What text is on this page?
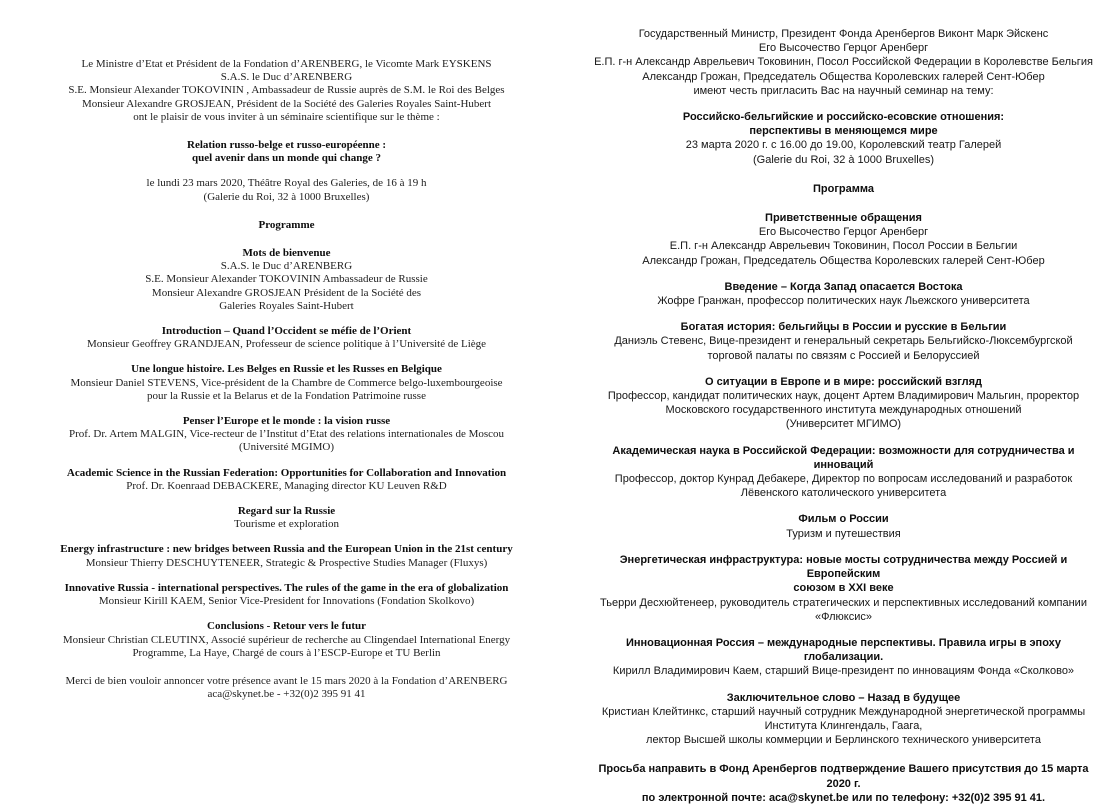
Le Ministre d’Etat et Président de la Fondation d’ARENBERG, le Vicomte Mark EYSKENS
S.A.S. le Duc d’ARENBERG
S.E. Monsieur Alexander TOKOVININ , Ambassadeur de Russie auprès de S.M. le Roi des Belges
Monsieur Alexandre GROSJEAN, Président de la Société des Galeries Royales Saint-Hubert
ont le plaisir de vous inviter à un séminaire scientifique sur le thème :
Relation russo-belge et russo-européenne :
quel avenir dans un monde qui change ?
le lundi 23 mars 2020, Théâtre Royal des Galeries, de 16 à 19 h
(Galerie du Roi, 32 à 1000 Bruxelles)
Programme
Mots de bienvenue
S.A.S. le Duc d’ARENBERG
S.E. Monsieur Alexander TOKOVININ Ambassadeur de Russie
Monsieur Alexandre GROSJEAN Président de la Société des
Galeries Royales Saint-Hubert
Introduction – Quand l’Occident se méfie de l’Orient
Monsieur Geoffrey GRANDJEAN, Professeur de science politique à l’Université de Liège
Une longue histoire. Les Belges en Russie et les Russes en Belgique
Monsieur Daniel STEVENS, Vice-président de la Chambre de Commerce belgo-luxembourgeoise
pour la Russie et la Belarus et de la Fondation Patrimoine russe
Penser l’Europe et le monde : la vision russe
Prof. Dr. Artem MALGIN, Vice-recteur de l’Institut d’Etat des relations internationales de Moscou
(Université MGIMO)
Academic Science in the Russian Federation: Opportunities for Collaboration and Innovation
Prof. Dr. Koenraad DEBACKERE, Managing director KU Leuven R&D
Regard sur la Russie
Tourisme et exploration
Energy infrastructure : new bridges between Russia and the European Union in the 21st century
Monsieur Thierry DESCHUYTENEER, Strategic & Prospective Studies Manager (Fluxys)
Innovative Russia - international perspectives. The rules of the game in the era of globalization
Monsieur Kirill KAEM, Senior Vice-President for Innovations (Fondation Skolkovo)
Conclusions - Retour vers le futur
Monsieur Christian CLEUTINX, Associé supérieur de recherche au Clingendael International Energy
Programme, La Haye, Chargé de cours à l’ESCP-Europe et TU Berlin
Merci de bien vouloir annoncer votre présence avant le 15 mars 2020 à la Fondation d’ARENBERG
aca@skynet.be - +32(0)2 395 91 41
Государственный Министр, Президент Фонда Аренбергов Виконт Марк Эйскенс
Его Высочество Герцог Аренберг
Е.П. г-н Александр Аврельевич Токовинин, Посол Российской Федерации в Королевстве Бельгия
Александр Грожан, Председатель Общества Королевских галерей Сент-Юбер
имеют честь пригласить Вас на научный семинар на тему:
Российско-бельгийские и российско-есовские отношения:
перспективы в меняющемся мире
23 марта 2020 г. с 16.00 до 19.00, Королевский театр Галерей
(Galerie du Roi, 32 à 1000 Bruxelles)
Программа
Приветственные обращения
Его Высочество Герцог Аренберг
Е.П. г-н Александр Аврельевич Токовинин, Посол России в Бельгии
Александр Грожан, Председатель Общества Королевских галерей Сент-Юбер
Введение – Когда Запад опасается Востока
Жофре Гранжан, профессор политических наук Льежского университета
Богатая история: бельгийцы в России и русские в Бельгии
Даниэль Стевенс, Вице-президент и генеральный секретарь Бельгийско-Люксембургской
торговой палаты по связям с Россией и Белоруссией
О ситуации в Европе и в мире: российский взгляд
Профессор, кандидат политических наук, доцент Артем Владимирович Мальгин, проректор
Московского государственного института международных отношений
(Университет МГИМО)
Академическая наука в Российской Федерации: возможности для сотрудничества и
инноваций
Профессор, доктор Кунрад Дебакере, Директор по вопросам исследований и разработок
Лёвенского католического университета
Фильм о России
Туризм и путешествия
Энергетическая инфраструктура: новые мосты сотрудничества между Россией и Европейским
союзом в XXI веке
Тьерри Десхюйтенеер, руководитель стратегических и перспективных исследований компании
«Флюксис»
Инновационная Россия – международные перспективы. Правила игры в эпоху глобализации.
Кирилл Владимирович Каем, старший Вице-президент по инновациям Фонда «Сколково»
Заключительное слово – Назад в будущее
Кристиан Клейтинкс, старший научный сотрудник Международной энергетической программы
Института Клингендаль, Гаага,
лектор Высшей школы коммерции и Берлинского технического университета
Просьба направить в Фонд Аренбергов подтверждение Вашего присутствия до 15 марта 2020 г.
по электронной почте: aca@skynet.be или по телефону: +32(0)2 395 91 41.
